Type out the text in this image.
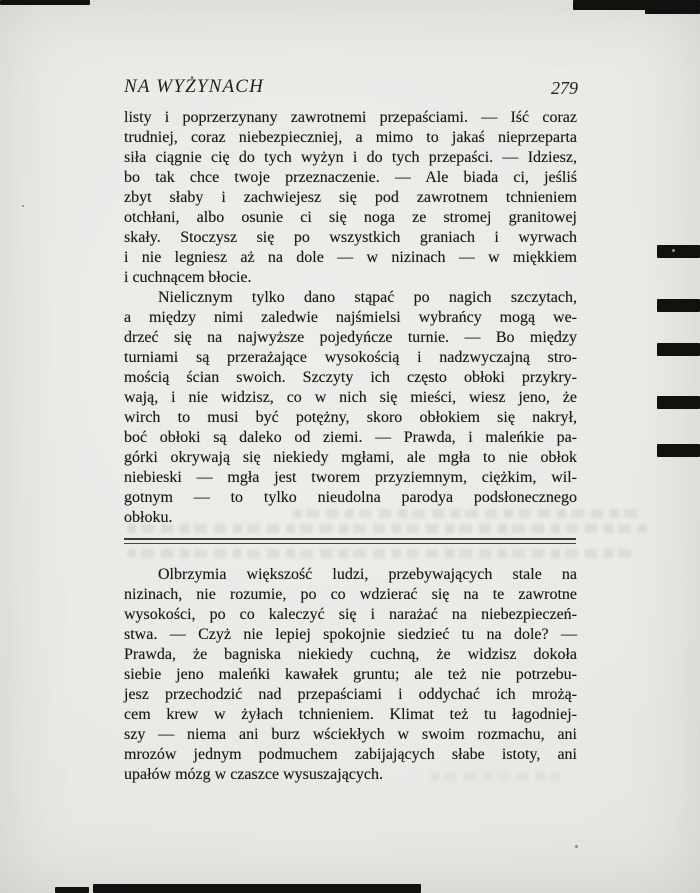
NA WYŻYNACH	279
listy i poprzerzynany zawrotnemi przepaściami. — Iść coraz
trudniej, coraz niebezpieczniej, a mimo to jakaś nieprzeparta
siła ciągnie cię do tych wyżyn i do tych przepaści. — Idziesz,
bo tak chce twoje przeznaczenie. — Ale biada ci, jeśliś
zbyt słaby i zachwiejesz się pod zawrotnem tchnieniem
otchłani, albo osunie ci się noga ze stromej granitowej
skały. Stoczysz się po wszystkich graniach i wyrwach
i nie legniesz aż na dole — w nizinach — w miękkiem
i cuchnącem błocie.
Nielicznym tylko dano stąpać po nagich szczytach,
a między nimi zaledwie najśmielsi wybrańcy mogą we-
drzeć się na najwyższe pojedyńcze turnie. — Bo między
turniami są przerażające wysokością i nadzwyczajną stro-
mością ścian swoich. Szczyty ich często obłoki przykry-
wają, i nie widzisz, co w nich się mieści, wiesz jeno, że
wirch to musi być potężny, skoro obłokiem się nakrył,
boć obłoki są daleko od ziemi. — Prawda, i maleńkie pa-
górki okrywają się niekiedy mgłami, ale mgła to nie obłok
niebieski — mgła jest tworem przyziemnym, ciężkim, wil-
gotnym — to tylko nieudolna parodya podsłonecznego
obłoku.
Olbrzymia większość ludzi, przebywających stale na
nizinach, nie rozumie, po co wdzierać się na te zawrotne
wysokości, po co kaleczyć się i narażać na niebezpieczeń-
stwa. — Czyż nie lepiej spokojnie siedzieć tu na dole? —
Prawda, że bagniska niekiedy cuchną, że widzisz dokoła
siebie jeno maleńki kawałek gruntu; ale też nie potrzebu-
jesz przechodzić nad przepaściami i oddychać ich mrożą-
cem krew w żyłach tchnieniem. Klimat też tu łagodniej-
szy — niema ani burz wściekłych w swoim rozmachu, ani
mrozów jednym podmuchem zabijających słabe istoty, ani
upałów mózg w czaszce wysuszających.
